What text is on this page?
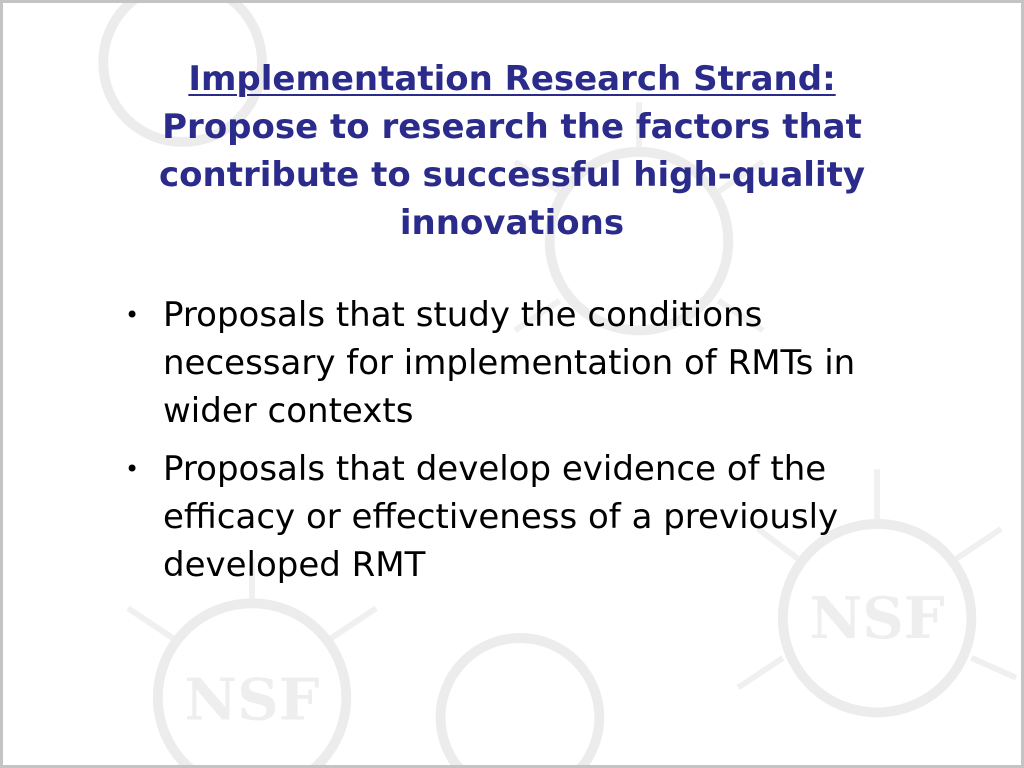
NSF
NSF
Implementation Research Strand:
Propose to research the factors that
contribute to successful high-quality
innovations
• Proposals that study the conditions necessary for implementation of RMTs in wider contexts
• Proposals that develop evidence of the efficacy or effectiveness of a previously developed RMT
